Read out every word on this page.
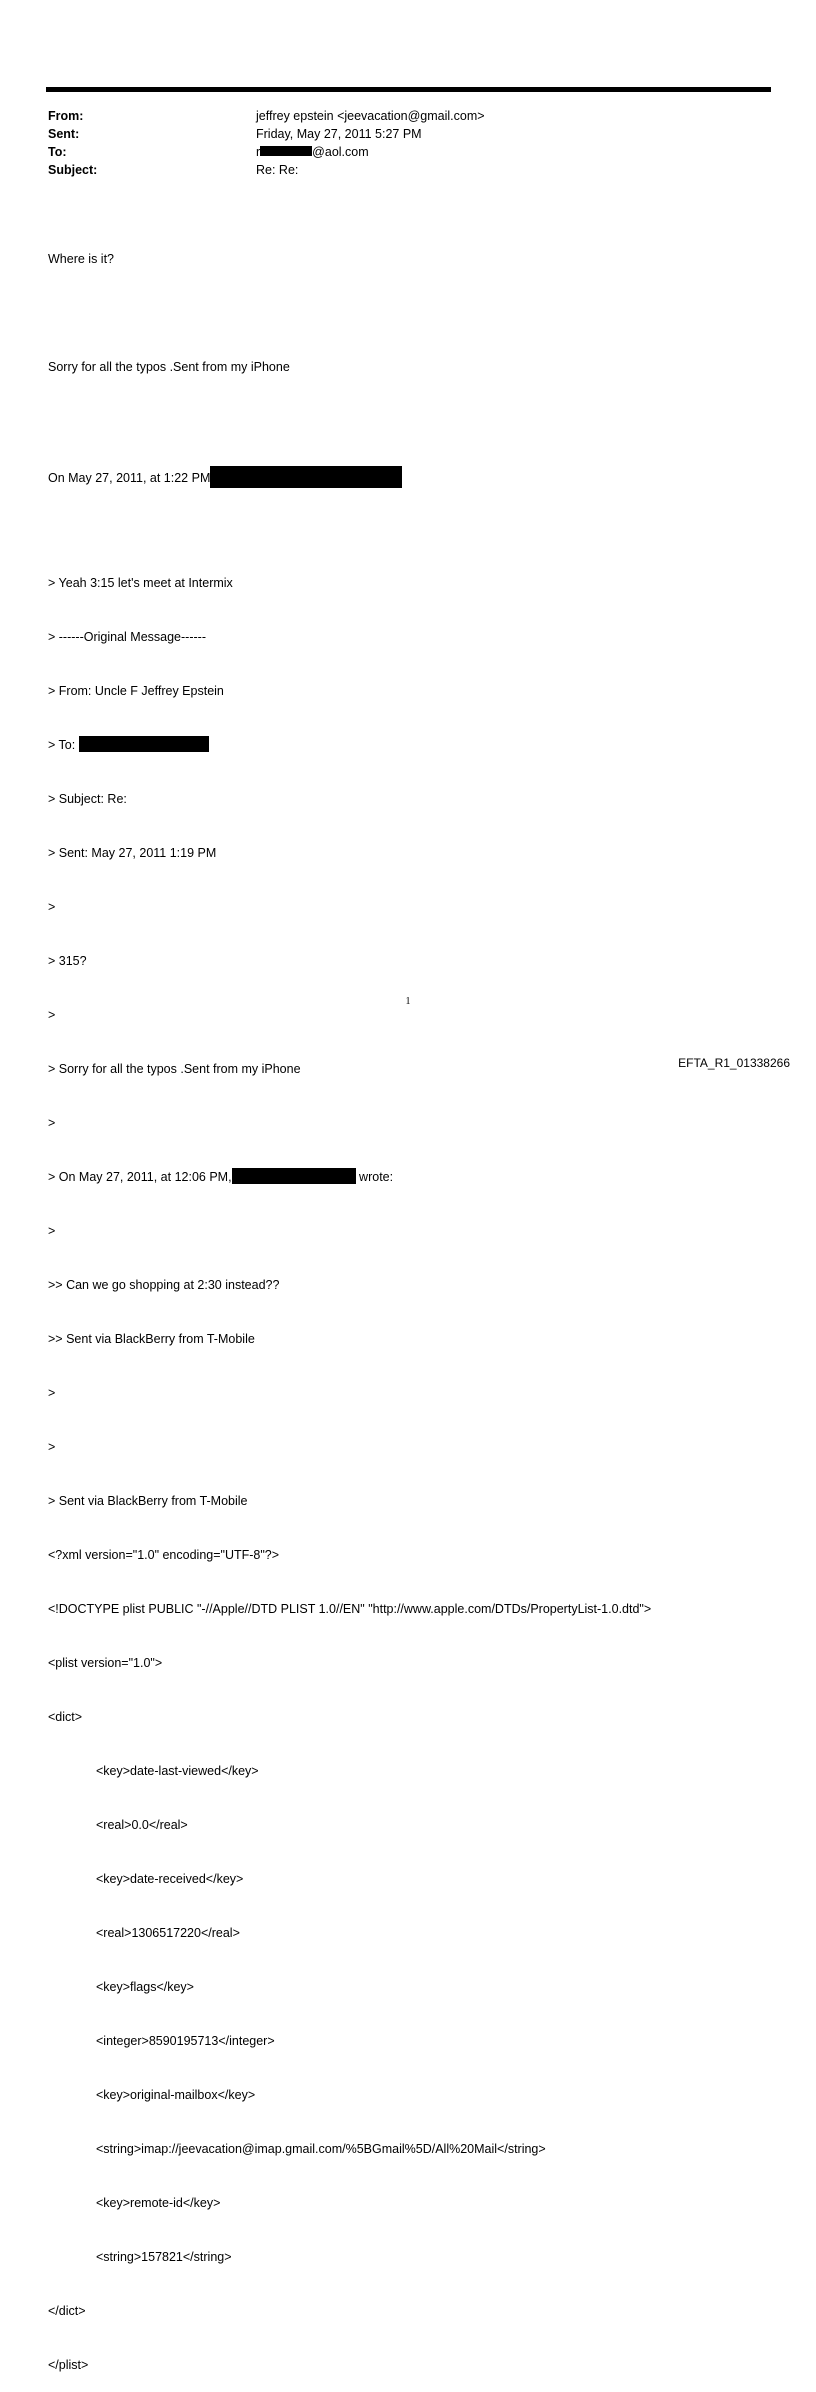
From:	jeffrey epstein <jeevacation@gmail.com>
Sent:	Friday, May 27, 2011 5:27 PM
To:	r	@aol.com
Subject:	Re: Re:

Where is it?

Sorry for all the typos .Sent from my iPhone

On May 27, 2011, at 1:22 PM

> Yeah 3:15 let's meet at Intermix

> ------Original Message------

> From: Uncle F Jeffrey Epstein

> To:

> Subject: Re:

> Sent: May 27, 2011 1:19 PM

>

> 315?

>

> Sorry for all the typos .Sent from my iPhone

>

> On May 27, 2011, at 12:06 PM,	wrote:

>

>> Can we go shopping at 2:30 instead??

>> Sent via BlackBerry from T-Mobile

>

>

> Sent via BlackBerry from T-Mobile

<?xml version="1.0" encoding="UTF-8"?>

<!DOCTYPE plist PUBLIC "-//Apple//DTD PLIST 1.0//EN" "http://www.apple.com/DTDs/PropertyList-1.0.dtd">

<plist version="1.0">

<dict>

<key>date-last-viewed</key>

<real>0.0</real>

<key>date-received</key>

<real>1306517220</real>

<key>flags</key>

<integer>8590195713</integer>

<key>original-mailbox</key>

<string>imap://jeevacation@imap.gmail.com/%5BGmail%5D/All%20Mail</string>

<key>remote-id</key>

<string>157821</string>

</dict>

</plist>

1
EFTA_R1_01338266
